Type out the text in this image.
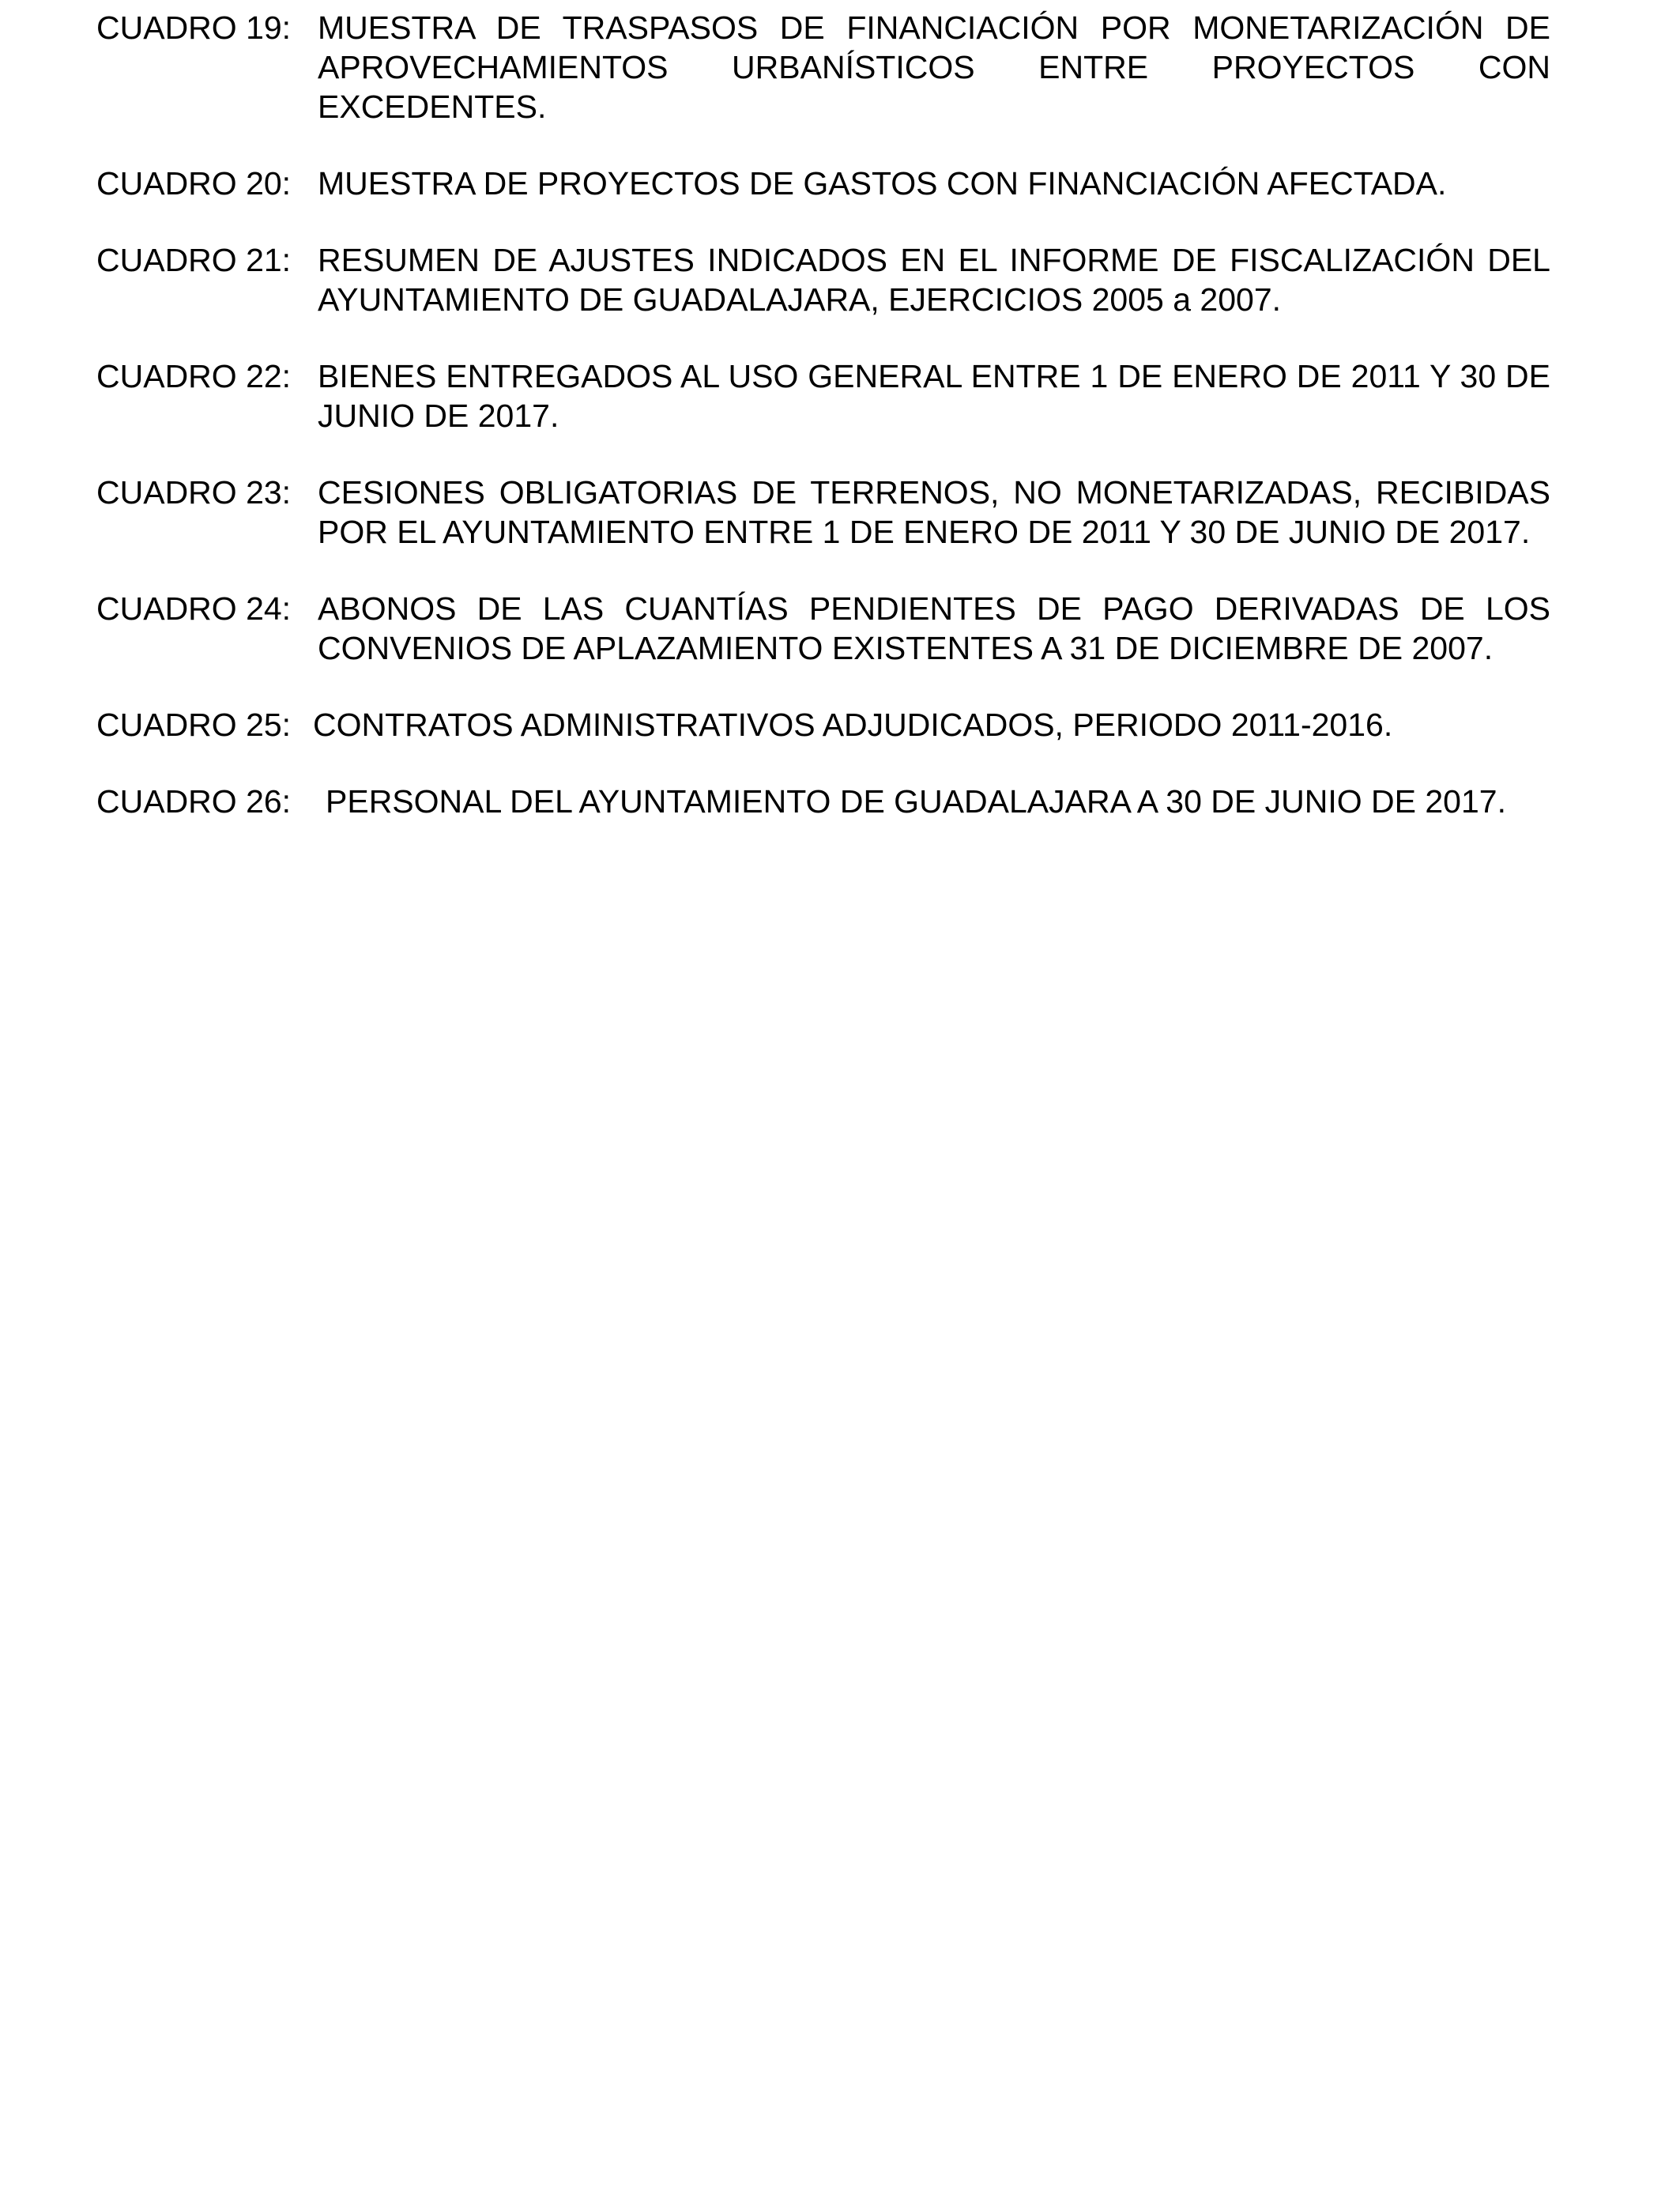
CUADRO 19: MUESTRA DE TRASPASOS DE FINANCIACIÓN POR MONETARIZACIÓN DE APROVECHAMIENTOS URBANÍSTICOS ENTRE PROYECTOS CON EXCEDENTES.
CUADRO 20: MUESTRA DE PROYECTOS DE GASTOS CON FINANCIACIÓN AFECTADA.
CUADRO 21: RESUMEN DE AJUSTES INDICADOS EN EL INFORME DE FISCALIZACIÓN DEL AYUNTAMIENTO DE GUADALAJARA, EJERCICIOS 2005 a 2007.
CUADRO 22: BIENES ENTREGADOS AL USO GENERAL ENTRE 1 DE ENERO DE 2011 Y 30 DE JUNIO DE 2017.
CUADRO 23: CESIONES OBLIGATORIAS DE TERRENOS, NO MONETARIZADAS, RECIBIDAS POR EL AYUNTAMIENTO ENTRE 1 DE ENERO DE 2011 Y 30 DE JUNIO DE 2017.
CUADRO 24: ABONOS DE LAS CUANTÍAS PENDIENTES DE PAGO DERIVADAS DE LOS CONVENIOS DE APLAZAMIENTO EXISTENTES A 31 DE DICIEMBRE DE 2007.
CUADRO 25: CONTRATOS ADMINISTRATIVOS ADJUDICADOS, PERIODO 2011-2016.
CUADRO 26:	PERSONAL DEL AYUNTAMIENTO DE GUADALAJARA A 30 DE JUNIO DE 2017.
